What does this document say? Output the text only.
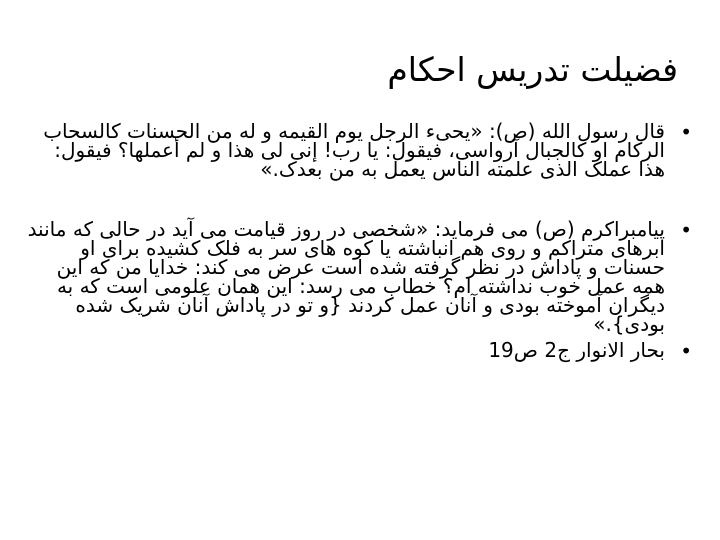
فضیلت تدریس احکام
•
قال رسول الله (ص): «یحیء الرجل یوم القیمه و له من الحسنات کالسحاب الرکام او کالجبال آرواسی، فیقول: یا رب! إنی لی هذا و لم أعملها؟ فیقول: هذا عملک الذی علمته الناس یعمل به من بعدک.»
•
پیامبراکرم (ص) می فرماید: «شخصی در روز قیامت می آید در حالی که مانند ابرهای متراکم و روی هم انباشته یا کوه های سر به فلک کشیده برای او حسنات و پاداش در نظر گرفته شده است عرض می کند: خدایا من که این همه عمل خوب نداشته ام؟ خطاب می رسد: این همان علومی است که به دیگران آموخته بودی و آنان عمل کردند {و تو در پاداش آنان شریک شده بودی}.»
•
بحار الانوار ج2 ص19
